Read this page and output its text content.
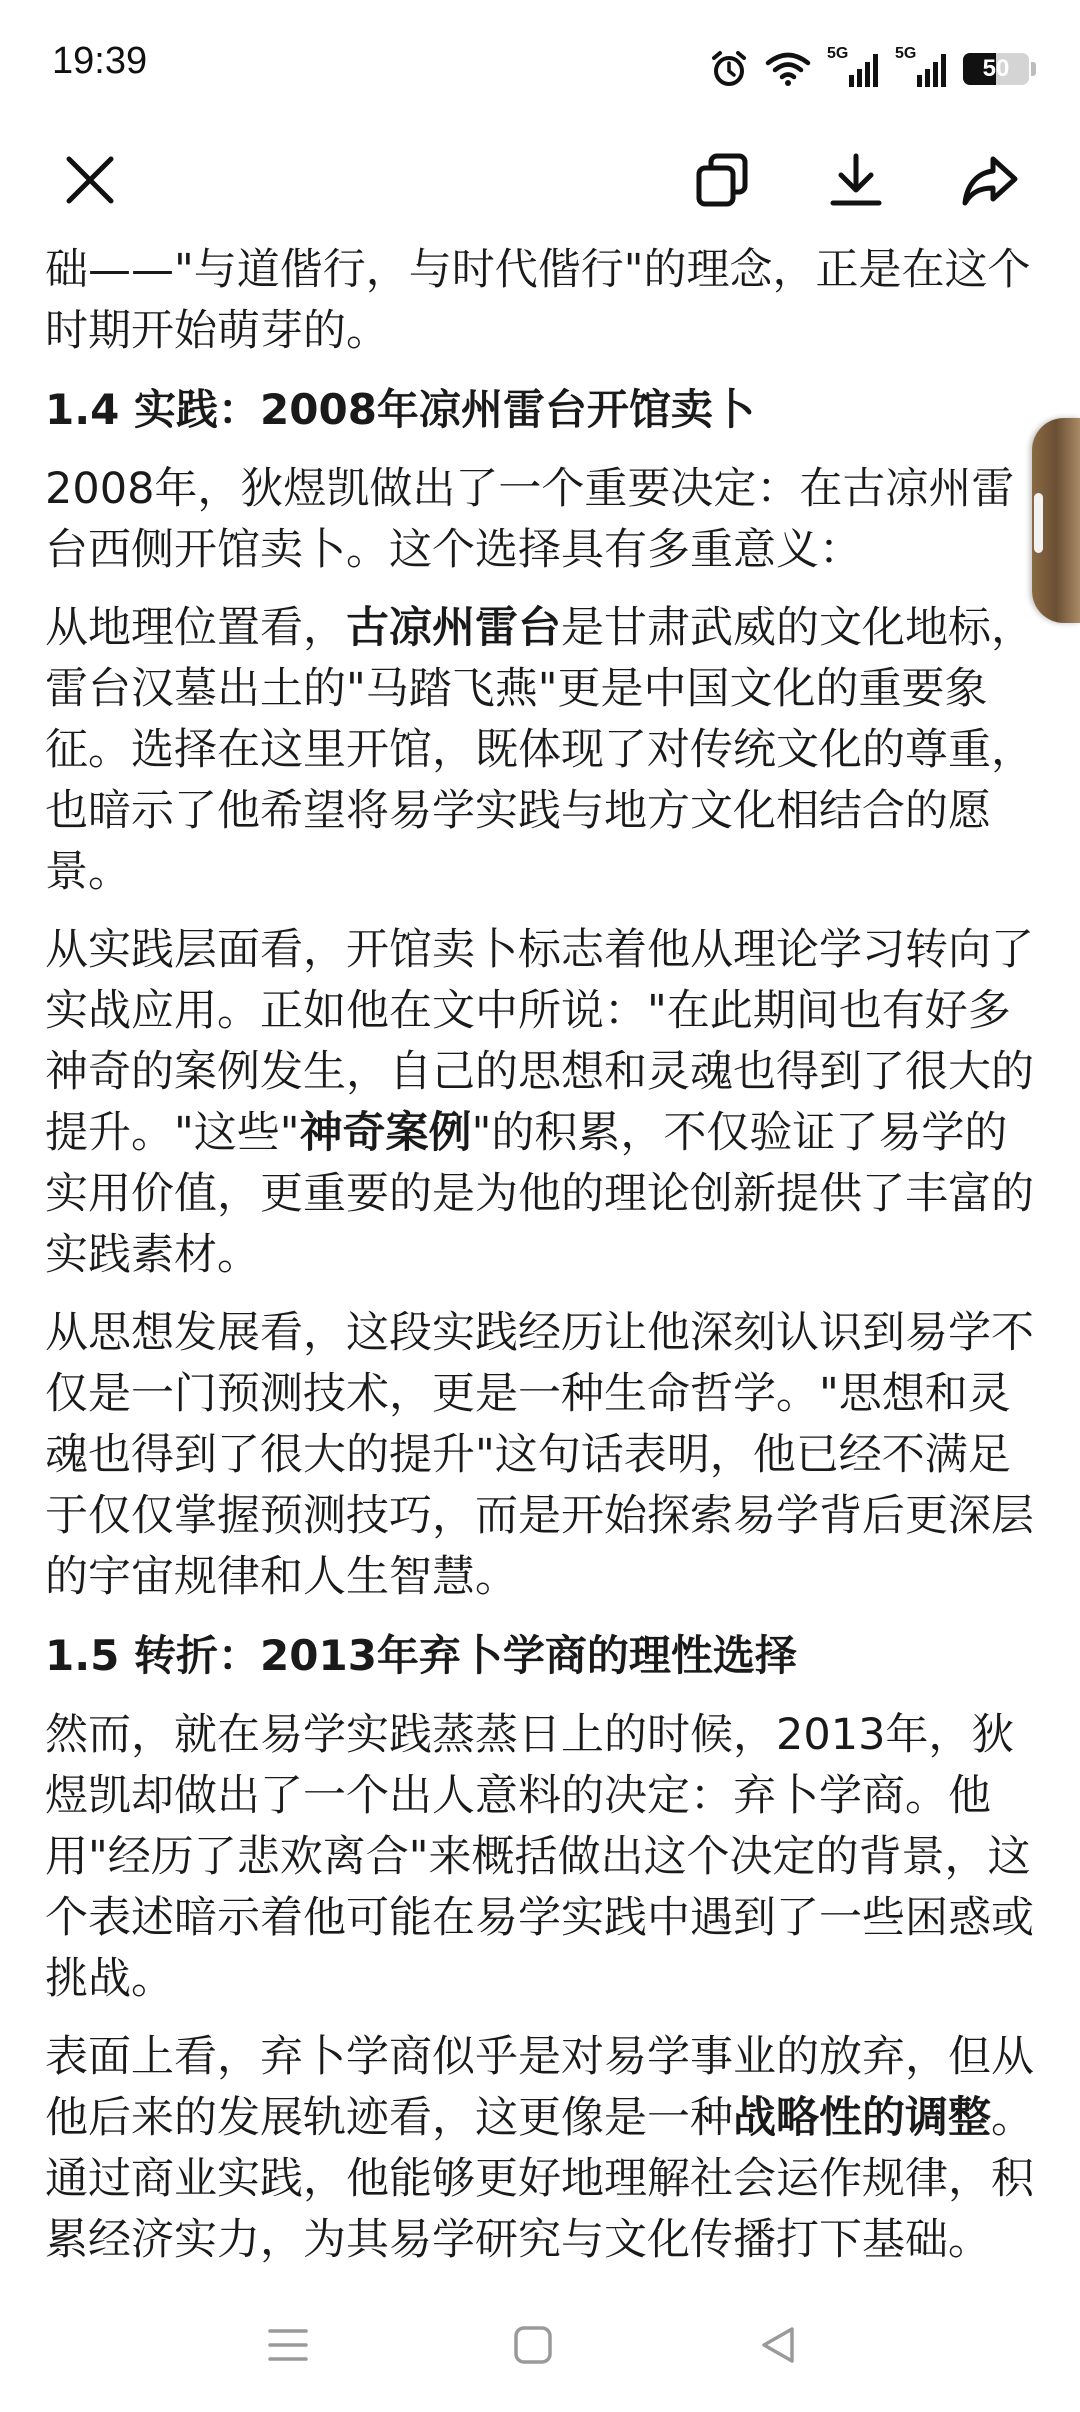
19:39	5G	5G
50

础——"与道偕行，与时代偕行"的理念，正是在这个时期开始萌芽的。

1.4 实践：2008年凉州雷台开馆卖卜

2008年，狄煜凯做出了一个重要决定：在古凉州雷台西侧开馆卖卜。这个选择具有多重意义：

从地理位置看，古凉州雷台是甘肃武威的文化地标，雷台汉墓出土的"马踏飞燕"更是中国文化的重要象征。选择在这里开馆，既体现了对传统文化的尊重，也暗示了他希望将易学实践与地方文化相结合的愿景。

从实践层面看，开馆卖卜标志着他从理论学习转向了实战应用。正如他在文中所说："在此期间也有好多神奇的案例发生，自己的思想和灵魂也得到了很大的提升。"这些"神奇案例"的积累，不仅验证了易学的实用价值，更重要的是为他的理论创新提供了丰富的实践素材。

从思想发展看，这段实践经历让他深刻认识到易学不仅是一门预测技术，更是一种生命哲学。"思想和灵魂也得到了很大的提升"这句话表明，他已经不满足于仅仅掌握预测技巧，而是开始探索易学背后更深层的宇宙规律和人生智慧。

1.5 转折：2013年弃卜学商的理性选择

然而，就在易学实践蒸蒸日上的时候，2013年，狄煜凯却做出了一个出人意料的决定：弃卜学商。他用"经历了悲欢离合"来概括做出这个决定的背景，这个表述暗示着他可能在易学实践中遇到了一些困惑或挑战。

表面上看，弃卜学商似乎是对易学事业的放弃，但从他后来的发展轨迹看，这更像是一种战略性的调整。通过商业实践，他能够更好地理解社会运作规律，积累经济实力，为其易学研究与文化传播打下基础。
